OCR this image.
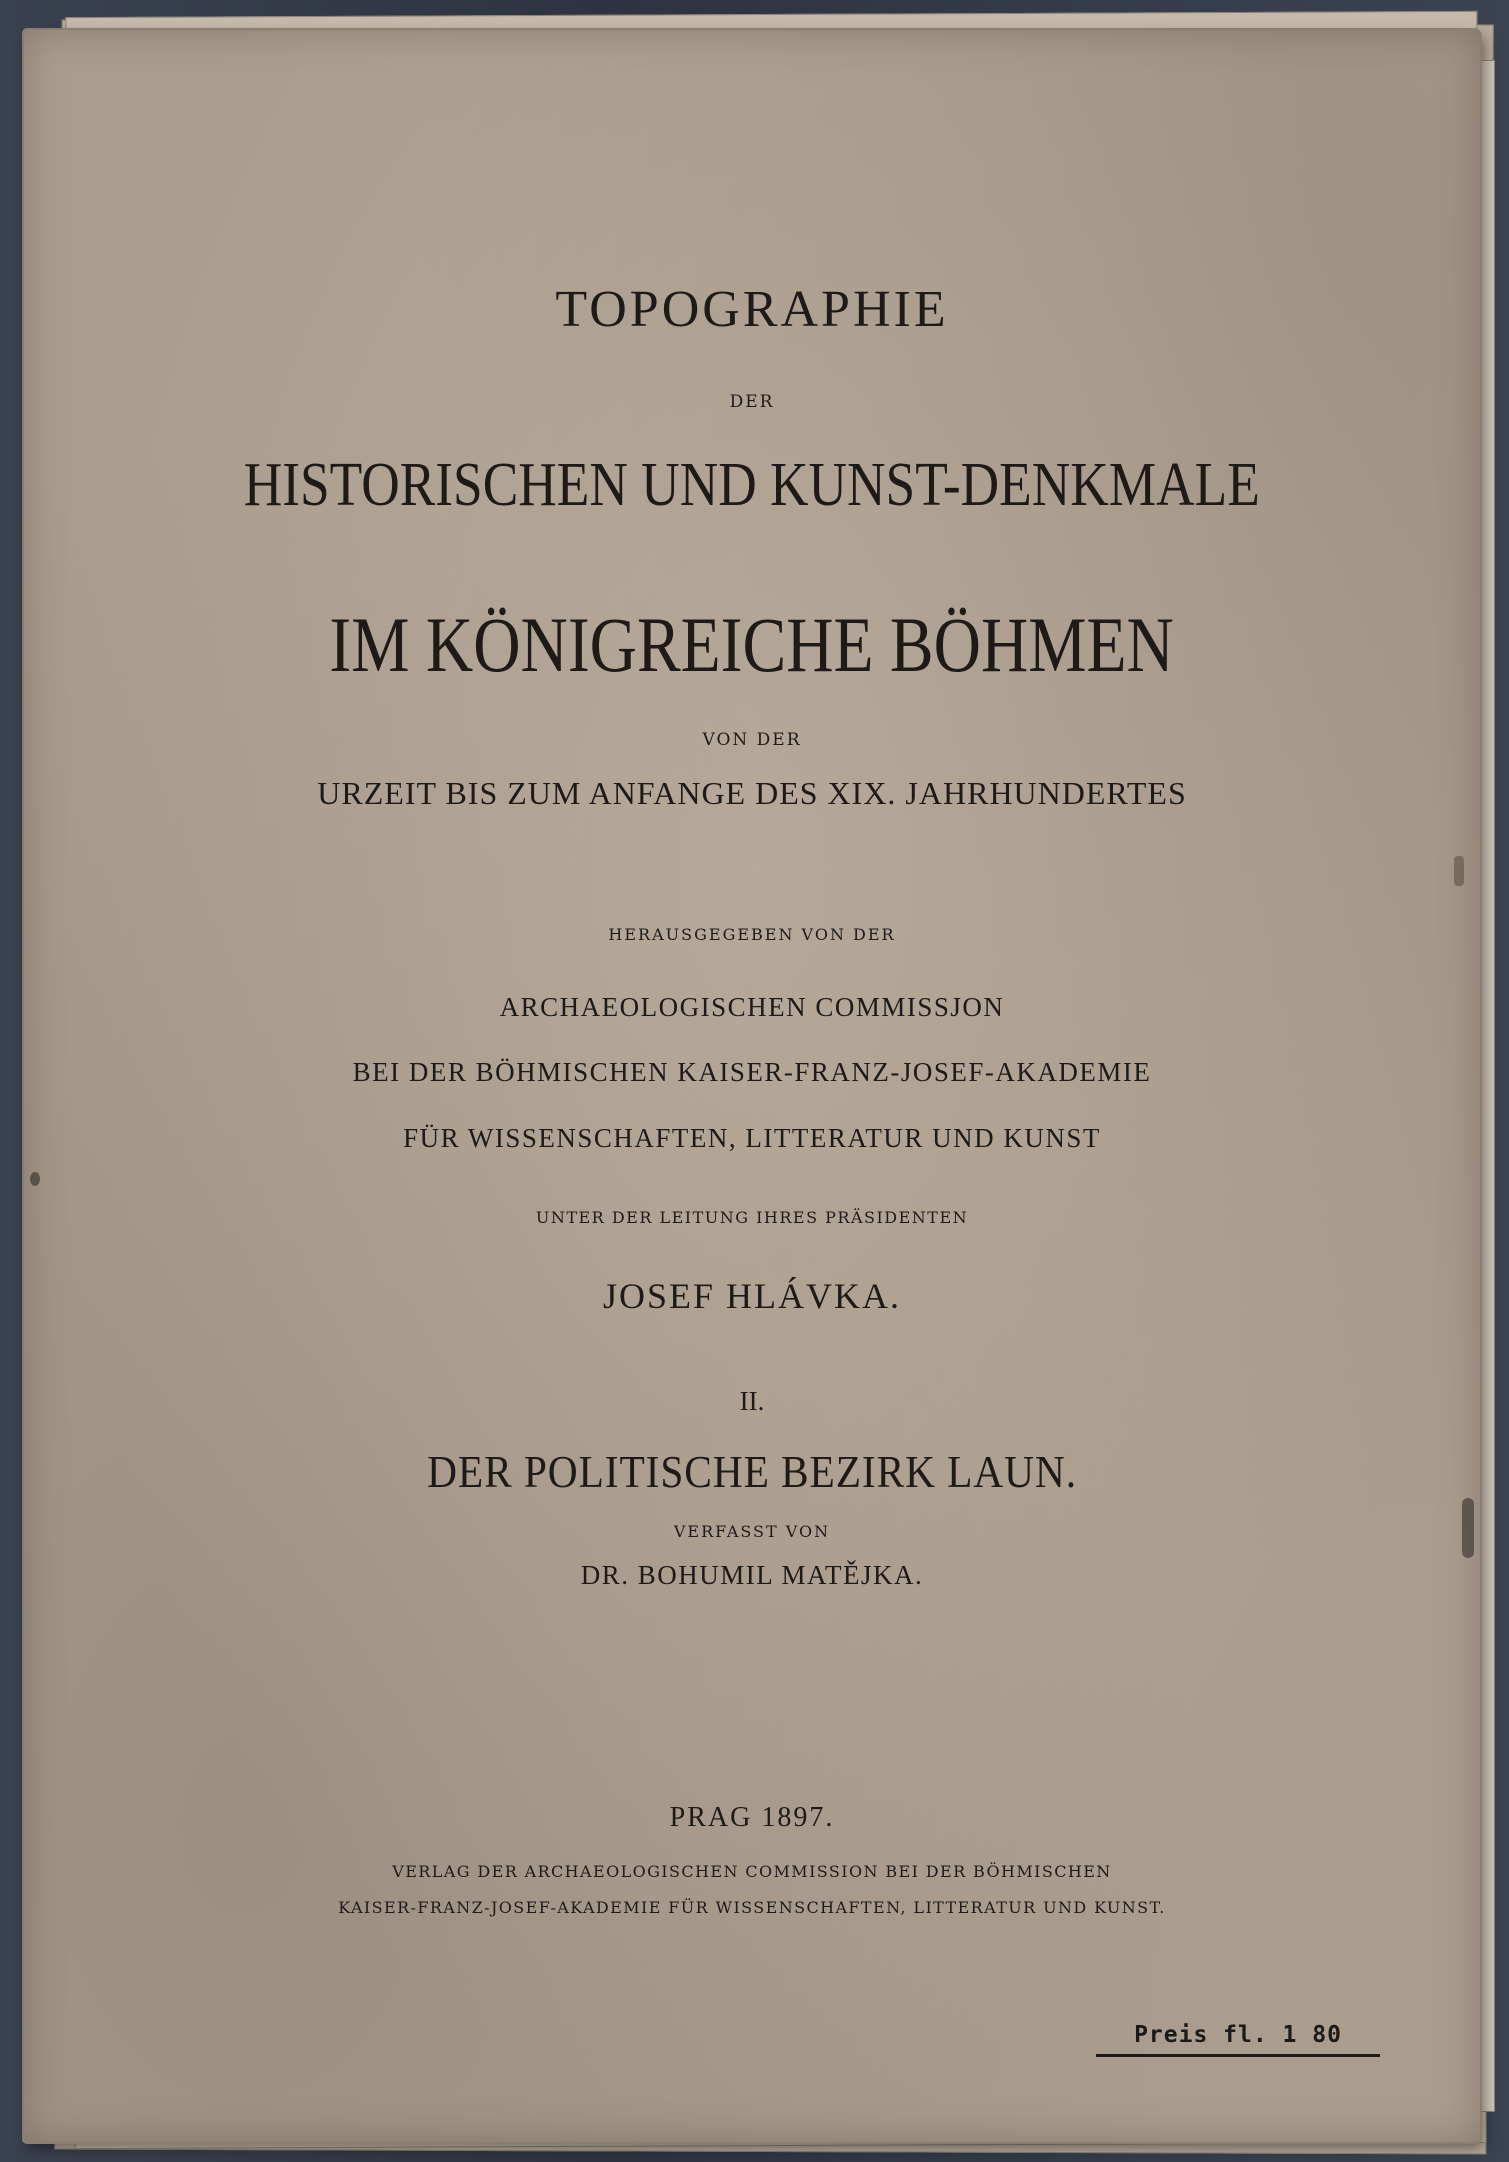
TOPOGRAPHIE
DER
HISTORISCHEN UND KUNST-DENKMALE
IM KÖNIGREICHE BÖHMEN
VON DER
URZEIT BIS ZUM ANFANGE DES XIX. JAHRHUNDERTES
HERAUSGEGEBEN VON DER
ARCHAEOLOGISCHEN COMMISSJON
BEI DER BÖHMISCHEN KAISER-FRANZ-JOSEF-AKADEMIE
FÜR WISSENSCHAFTEN, LITTERATUR UND KUNST
UNTER DER LEITUNG IHRES PRÄSIDENTEN
JOSEF HLÁVKA.
II.
DER POLITISCHE BEZIRK LAUN.
VERFASST VON
DR. BOHUMIL MATĚJKA.
PRAG 1897.
VERLAG DER ARCHAEOLOGISCHEN COMMISSION BEI DER BÖHMISCHEN
KAISER-FRANZ-JOSEF-AKADEMIE FÜR WISSENSCHAFTEN, LITTERATUR UND KUNST.
Preis fl. 1 80
